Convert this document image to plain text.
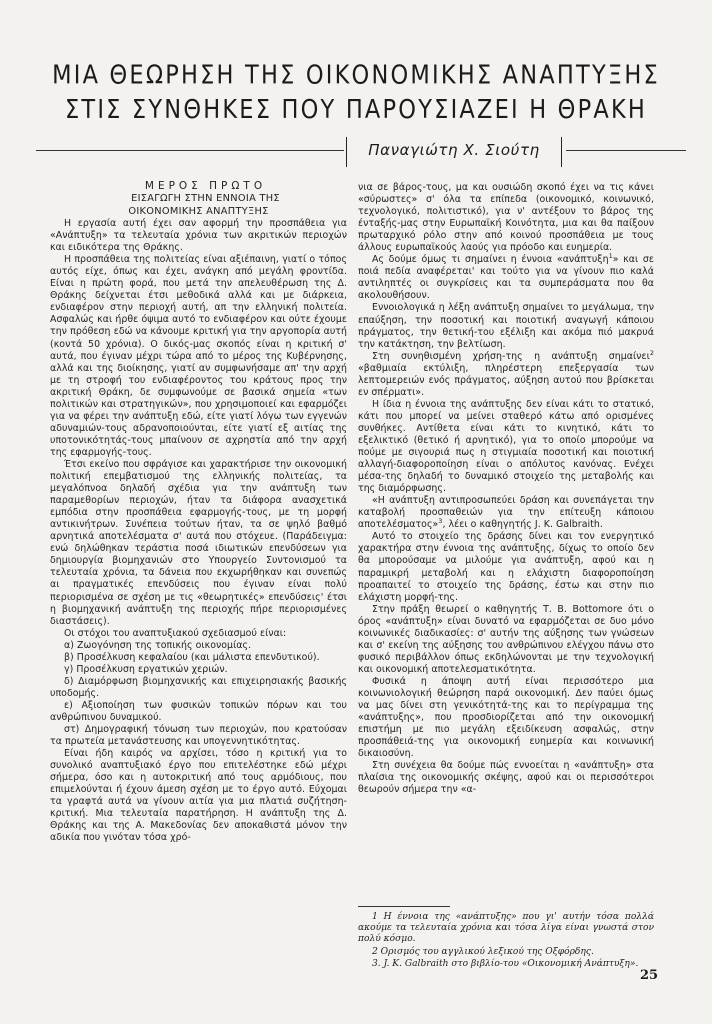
ΜΙΑ ΘΕΩΡΗΣΗ ΤΗΣ ΟΙΚΟΝΟΜΙΚΗΣ ΑΝΑΠΤΥΞΗΣ
ΣΤΙΣ ΣΥΝΘΗΚΕΣ ΠΟΥ ΠΑΡΟΥΣΙΑΖΕΙ Η ΘΡΑΚΗ
Παναγιώτη Χ. Σιούτη

ΜΕΡΟΣ ΠΡΩΤΟ

ΕΙΣΑΓΩΓΗ ΣΤΗΝ ΕΝΝΟΙΑ ΤΗΣ
ΟΙΚΟΝΟΜΙΚΗΣ ΑΝΑΠΤΥΞΗΣ

Η εργασία αυτή έχει σαν αφορμή την προσπάθεια για «Ανάπτυξη» τα τελευταία χρόνια των ακριτικών περιοχών και ειδικότερα της Θράκης.

Η προσπάθεια της πολιτείας είναι αξιέπαινη, γιατί ο τόπος αυτός είχε, όπως και έχει, ανάγκη από μεγάλη φροντίδα. Είναι η πρώτη φορά, που μετά την απελευθέρωση της Δ. Θράκης δείχνεται έτσι μεθοδικά αλλά και με διάρκεια, ενδιαφέρον στην περιοχή αυτή, απ την ελληνική πολιτεία. Ασφαλώς και ήρθε όψιμα αυτό το ενδιαφέρον και ούτε έχουμε την πρόθεση εδώ να κάνουμε κριτική για την αργοπορία αυτή (κοντά 50 χρόνια). Ο δικός-μας σκοπός είναι η κριτική σ' αυτά, που έγιναν μέχρι τώρα από το μέρος της Κυβέρνησης, αλλά και της διοίκησης, γιατί αν συμφωνήσαμε απ' την αρχή με τη στροφή του ενδιαφέροντος του κράτους προς την ακριτική Θράκη, δε συμφωνούμε σε βασικά σημεία «των πολιτικών και στρατηγικών», που χρησιμοποιεί και εφαρμόζει για να φέρει την ανάπτυξη εδώ, είτε γιατί λόγω των εγγενών αδυναμιών-τους αδρανοποιούνται, είτε γιατί εξ αιτίας της υποτονικότητάς-τους μπαίνουν σε αχρηστία από την αρχή της εφαρμογής-τους.

Έτσι εκείνο που σφράγισε και χαρακτήρισε την οικονομική πολιτική επεμβατισμού της ελληνικής πολιτείας, τα μεγαλόπνοα δηλαδή σχέδια για την ανάπτυξη των παραμεθορίων περιοχών, ήταν τα διάφορα ανασχετικά εμπόδια στην προσπάθεια εφαρμογής-τους, με τη μορφή αντικινήτρων. Συνέπεια τούτων ήταν, τα σε ψηλό βαθμό αρνητικά αποτελέσματα σ' αυτά που στόχευε. (Παράδειγμα: ενώ δηλώθηκαν τεράστια ποσά ιδιωτικών επενδύσεων για δημιουργία βιομηχανιών στο Υπουργείο Συντονισμού τα τελευταία χρόνια, τα δάνεια που εκχωρήθηκαν και συνεπώς αι πραγματικές επενδύσεις που έγιναν είναι πολύ περιορισμένα σε σχέση με τις «θεωρητικές» επενδύσεις' έτσι η βιομηχανική ανάπτυξη της περιοχής πήρε περιορισμένες διαστάσεις).

Οι στόχοι του αναπτυξιακού σχεδιασμού είναι:

α) Ζωογόνηση της τοπικής οικονομίας.

β) Προσέλκυση κεφαλαίου (και μάλιστα επενδυτικού).

γ) Προσέλκυση εργατικών χεριών.

δ) Διαμόρφωση βιομηχανικής και επιχειρησιακής βασικής υποδομής.

ε) Αξιοποίηση των φυσικών τοπικών πόρων και του ανθρώπινου δυναμικού.

στ) Δημογραφική τόνωση των περιοχών, που κρατούσαν τα πρωτεία μετανάστευσης και υπογεννητικότητας.

Είναι ήδη καιρός να αρχίσει, τόσο η κριτική για το συνολικό αναπτυξιακό έργο που επιτελέστηκε εδώ μέχρι σήμερα, όσο και η αυτοκριτική από τους αρμόδιους, που επιμελούνται ή έχουν άμεση σχέση με το έργο αυτό. Εύχομαι τα γραφτά αυτά να γίνουν αιτία για μια πλατιά συζήτηση-κριτική. Μια τελευταία παρατήρηση. Η ανάπτυξη της Δ. Θράκης και της Α. Μακεδονίας δεν αποκαθιστά μόνον την αδικία που γινόταν τόσα χρό-

νια σε βάρος-τους, μα και ουσιώδη σκοπό έχει να τις κάνει «σύρωστες» σ' όλα τα επίπεδα (οικονομικό, κοινωνικό, τεχνολογικό, πολιτιστικό), για ν' αντέξουν το βάρος της ένταξής-μας στην Ευρωπαϊκή Κοινότητα, μια και θα παίξουν πρωταρχικό ρόλο στην από κοινού προσπάθεια με τους άλλους ευρωπαϊκούς λαούς για πρόοδο και ευημερία.

Ας δούμε όμως τι σημαίνει η έννοια «ανάπτυξη$^1$» και σε ποιά πεδία αναφέρεται' και τούτο για να γίνουν πιο καλά αντιληπτές οι συγκρίσεις και τα συμπεράσματα που θα ακολουθήσουν.

Εννοιολογικά η λέξη ανάπτυξη σημαίνει το μεγάλωμα, την επαύξηση, την ποσοτική και ποιοτική αναγωγή κάποιου πράγματος, την θετική-του εξέλιξη και ακόμα πιό μακρυά την κατάκτηση, την βελτίωση.

Στη συνηθισμένη χρήση-της η ανάπτυξη σημαίνει$^2$ «βαθμιαία εκτύλιξη, πληρέστερη επεξεργασία των λεπτομερειών ενός πράγματος, αύξηση αυτού που βρίσκεται εν σπέρματι».

Η ίδια η έννοια της ανάπτυξης δεν είναι κάτι το στατικό, κάτι που μπορεί να μείνει σταθερό κάτω από ορισμένες συνθήκες. Αντίθετα είναι κάτι το κινητικό, κάτι το εξελικτικό (θετικό ή αρνητικό), για το οποίο μπορούμε να πούμε με σιγουριά πως η στιγμιαία ποσοτική και ποιοτική αλλαγή-διαφοροποίηση είναι ο απόλυτος κανόνας. Ενέχει μέσα-της δηλαδή το δυναμικό στοιχείο της μεταβολής και της διαμόρφωσης.

«Η ανάπτυξη αντιπροσωπεύει δράση και συνεπάγεται την καταβολή προσπαθειών για την επίτευξη κάποιου αποτελέσματος»$^3$, λέει ο καθηγητής J. K. Galbraith.

Αυτό το στοιχείο της δράσης δίνει και τον ενεργητικό χαρακτήρα στην έννοια της ανάπτυξης, δίχως το οποίο δεν θα μπορούσαμε να μιλούμε για ανάπτυξη, αφού και η παραμικρή μεταβολή και η ελάχιστη διαφοροποίηση προαπαιτεί το στοιχείο της δράσης, έστω και στην πιο ελάχιστη μορφή-της.

Στην πράξη θεωρεί ο καθηγητής Τ. Β. Bottomore ότι ο όρος «ανάπτυξη» είναι δυνατό να εφαρμόζεται σε δυο μόνο κοινωνικές διαδικασίες: σ' αυτήν της αύξησης των γνώσεων και σ' εκείνη της αύξησης του ανθρώπινου ελέγχου πάνω στο φυσικό περιβάλλον όπως εκδηλώνονται με την τεχνολογική και οικονομική αποτελεσματικότητα.

Φυσικά η άποψη αυτή είναι περισσότερο μια κοινωνιολογική θεώρηση παρά οικονομική. Δεν παύει όμως να μας δίνει στη γενικότητά-της και το περίγραμμα της «ανάπτυξης», που προσδιορίζεται από την οικονομική επιστήμη με πιο μεγάλη εξειδίκευση ασφαλώς, στην προσπάθειά-της για οικονομική ευημερία και κοινωνική δικαιοσύνη.

Στη συνέχεια θα δούμε πώς εννοείται η «ανάπτυξη» στα πλαίσια της οικονομικής σκέψης, αφού και οι περισσότεροι θεωρούν σήμερα την «α-

1 Η έννοια της «ανάπτυξης» που γι' αυτήν τόσα πολλά ακούμε τα τελευταία χρόνια και τόσα λίγα είναι γνωστά στον πολύ κόσμο.

2 Ορισμός του αγγλικού λεξικού της Οξφόρδης.

3. J. K. Galbraith στο βιβλίο-του «Οικονομική Ανάπτυξη».

25
